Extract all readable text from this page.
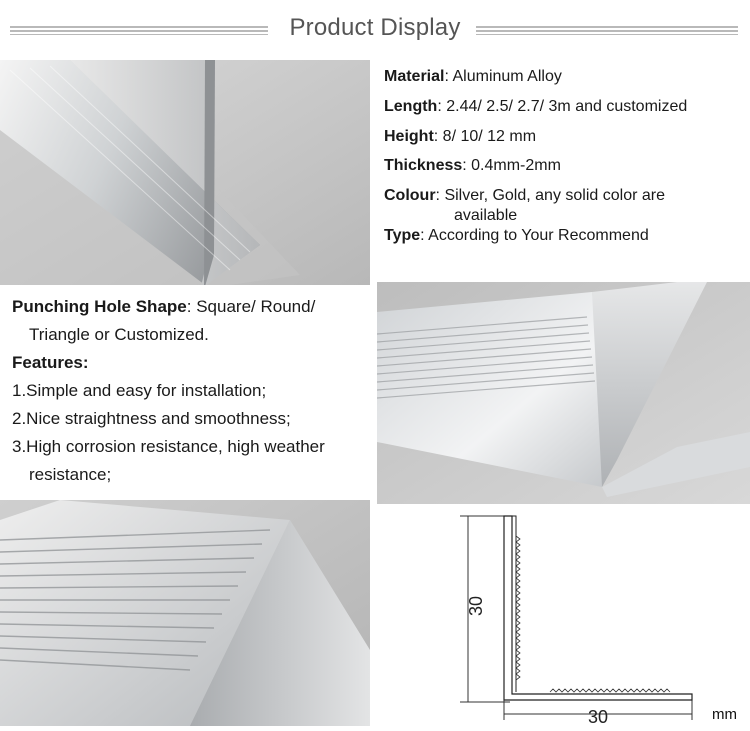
Product Display
Material: Aluminum Alloy
Length: 2.44/ 2.5/ 2.7/ 3m and customized
Height: 8/ 10/ 12 mm
Thickness: 0.4mm-2mm
Colour: Silver, Gold, any solid color are
available
Type: According to Your Recommend
Punching Hole Shape: Square/ Round/
Triangle or Customized.
Features:
1.Simple and easy for installation;
2.Nice straightness and smoothness;
3.High corrosion resistance, high weather
resistance;
30
30	mm
